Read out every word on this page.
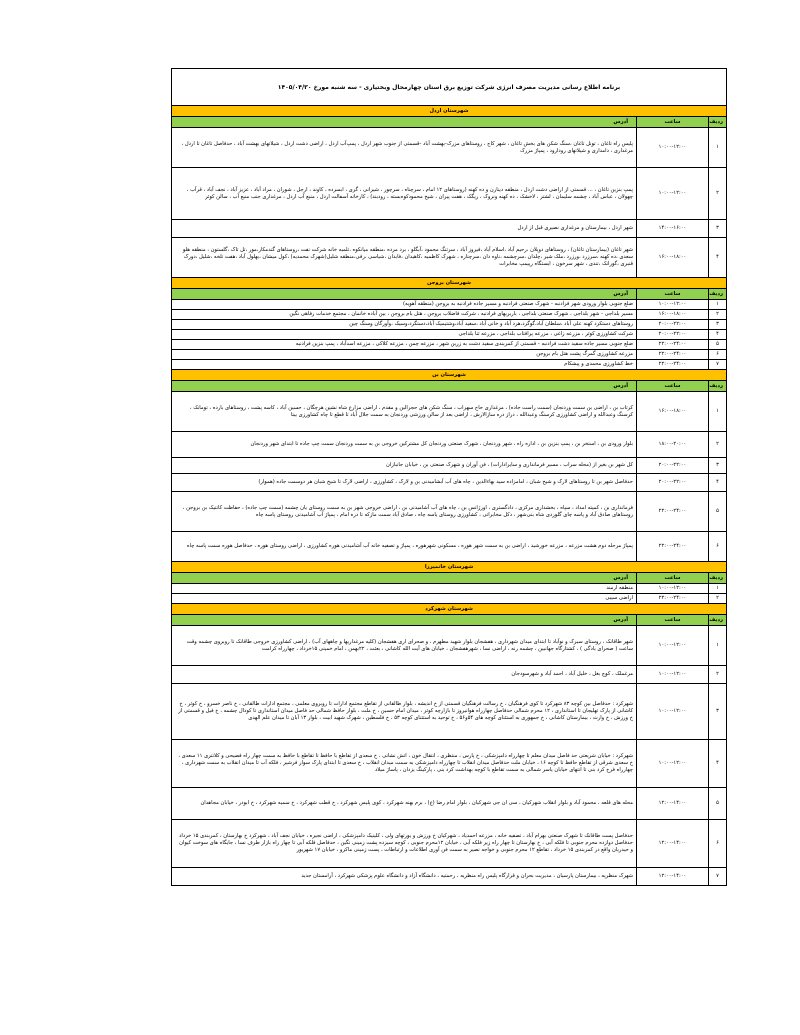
برنامه اطلاع رسانی مدیریت مصرف انرژی شرکت توزیع برق استان چهارمحال وبختیاری - سه شنبه مورخ ۱۴۰۵/۰۴/۳۰		
شهرستان اردل		
ردیف	ساعت	آدرس
۱	۱۰:۰۰-۱۲:۰۰	پلیس راه تاغان ، تونل تاغان ،سنگ شکن های بخش تاغان ، شهر کاج ، روستاهای مزرک-بهشت آباد -قسمتی از جنوب شهر اردل ، پمپ‌آب اردل ، اراضی دشت اردل ، شیلاتهای بهشت آباد ، حدفاصل تاغان تا اردل ، مرغداری ، دامداری و شیلاتهای رودارود ، پمپاژ مزرک
۲	۱۰:۰۰-۱۲:۰۰	پمپ بنزین تاغان ، ... قسمتی از اراضی دشت اردل ، منطقه دینارن و ده کهنه (روستاهای ۱۲ امام ، سرچناه ، سرچور ، شیرانی ، گری ، ابسرده ، کاوند ، ارجل ، شوران ، مراد آباد ، عزیز آباد ، نجف آباد ، قرآب ، چهولان ، عباس آباد ، چشمه سلیمان ، لشتر ، لاخشک ، ده کهنه ونروک ، ریگک ، هفت پیران ، شیخ محمودکوه‌بسته ، رودبند) ، کارخانه آسفالت اردل ، منبع آب اردل ، مرغداری جنب منبع آب ، سالن کوثر
۳	۱۴:۰۰-۱۶:۰۰	شهر اردل ، بیمارستان و مرغداری نصیری قبل از اردل
۴	۱۶:۰۰-۱۸:۰۰	شهر تاغان (بیمارستان تاغان) ، روستاهای دوپلان ،رحیم آباد ،اسلام آباد ،فیروز آباد ، سرتنگ محمود ،آبگلو ، برد مرده ،منطقه میانکوه ،تلمبه خانه شرکت نفت ،روستاهای گندمکار،مور ،تل تاک ،گلستون ، منطقه هلو سعدی ،ده کهنه ،سرزرد ،ورزرد ،ملک شیر ،چلدان ،سرچشمه ،ناوه دان ،سرچناره ، شهرک کاظمیه ،کاهیدان ،فابدان ،شیاسی ،رفی،منطقه شلیل(شهرک محمدیه) ،کول میشان ،بهلول آباد ،هفت تلخه ،شلیل ،دورک قنبری ،گورانک ،تندی ، شهر سرخون ، ایستگاه رپیمپ مخابرات
شهرستان بروجن		
ردیف	ساعت	آدرس
۱	۱۰:۰۰-۱۲:۰۰	ضلع جنوبی بلوار ورودی شهر فرادنبه - شهرک صنعتی فرادنبه و مسیر جاده فرادنبه به بروجن (منطقه آهویه)
۲	۱۶:۰۰-۱۸:۰۰	مسیر بلداجی - شهر بلداجی ، شهرک صنعتی بلداجی ، باربریهای فرادنبه ، شرکت فاضلاب بروجن ، هتل بام بروجن ، بین آباده خانمان ، مجتمع خدمات رفاهی نگین
۳	۲۰:۰۰-۲۲:۰۰	روستاهای دستکرد کهنه علی آباد ،سلطان آباد،گوگرد،هرد آباد و خانی آباد ،سفید آباد،وشتیمیک آباد،دستگرد،وسیک ،وآورگان وسنگ چین
۴	۲۰:۰۰-۲۲:۰۰	شرکت کشاورزی کوثر ، مزرعه زاغی ، مزرعه پرافتاب بلداجی ، مزرعه ثنا بلداجی
۵	۲۲:۰۰-۲۴:۰۰	ضلع جنوبی مسیر جاده سفید دشت فرادنبه - قسمتی از کمربندی سفید دشت به زرین شهر ، مزرعه چمن ، مزرعه کلاکی ، مزرعه اسدآباد ، پمپ بنزین فرادنبه
۶	۲۲:۰۰-۲۴:۰۰	مزرعه کشاورزی گمرگ پشت هتل بام بروجن
۷	۲۲:۰۰-۲۴:۰۰	خط کشاورزی محمدی و پیشکام
شهرستان بن		
ردیف	ساعت	آدرس
۱	۱۶:۰۰-۱۸:۰۰	کرتاب بن ، اراضی بن سمت وردنجان (سمت راست جاده) ، مرغداری حاج سهراب ، سنگ شکن های حجرالین و مقدم ، اراضی مزارع شاه نشین هرچگان ، حسین آباد ، کاسه پشت ، روستاهای بارده ، تومانک ، کرسنگ وعبدالله و اراضی کشاورزی کرسنگ وعبدالله ، دراز دره سازالارش ، اراضی بعد از سالن ورزشی وردنجان به سمت جلال آباد تا قطع تا چاه کشاورزی بیتا
۲	۱۸:۰۰-۲۰:۰۰	بلوار ورودی بن ، استخر بن ، پمپ بنزین بن ، اداره راه ، شهر وردنجان ، شهرک صنعتی وردنجان کل مشترکین خروجی بن به سمت وردنجان سمت چپ جاده تا ابتدای شهر وردنجان
۳	۲۰:۰۰-۲۲:۰۰	کل شهر بن بغیر از (محله سراب ، مسیر فرمانداری و سایرادارات) ، فن آوران و شهرک صنعتی بن ، خیابان جانبازان
۴	۲۰:۰۰-۲۲:۰۰	حدفاصل شهر بن تا روستاهای لارک و شیخ شبان ، امامزاده سید بهاءالدین ، چاه های آب آبشامیدنی بن و لارک ، کشاورزی ، اراضی لارک تا شیخ شبان هر دوسمت جاده (هموار)
۵	۲۲:۰۰-۲۴:۰۰	فرمانداری بن ، کمیته امداد ، سپاه ، بخشداری مرکزی ، دادگستری ، اورژانس بن ، چاه های آب آشامیدنی بن ، اراضی خروجی شهر بن به سمت روستای یان چشمه (سمت چپ جاده) ، حفاظت کانتیک بن بروجن ، روستاهای صادق آباد و پاسه چای گلوردی شاه بنی‌شهر ، دکل مخابراتی ، کشاورزی روستای یاسه چاه ، صادق آباد سمت مازکه تا دره امام ، پمپاژ آب آشامیدنی روستای پاسه چاه
۶	۲۲:۰۰-۲۴:۰۰	پمپاژ مرحله دوم هشت مزرعه ، مزرعه خورشید ، اراضی بن به سمت شهر هوره ، مسکونی شهرهوره ، پمپاژ و تصفیه خانه آب آشامیدنی هوره کشاورزی ، اراضی روستای هوره ، حدفاصل هوره سمت پاسه چاه
شهرستان خانمیرزا		
ردیف	ساعت	آدرس
۱	۱۰:۰۰-۱۲:۰۰	منطقه ارمند
۲	۲۲:۰۰-۲۴:۰۰	اراضی سیبی
شهرستان شهرکرد		
ردیف	ساعت	آدرس
۱	۱۰:۰۰-۱۲:۰۰	شهر طاقانک ، روستای سیرک و نوآباد تا ابتدای میدان شهرداری ، هفشجان بلوار شهید مطهرم ، و صحرای اری هفشجان (کلیه مرغداریها و چاههای آب) ، اراضی کشاورزی خروجی طاقانک تا روبروی چشمه وقت ساعت ( صحرای یادگی ) ، کشتارگاه جهانبین ، چشمه رنه ، اراضی نسا ، شهرهفشجان ، خیابان های آیت الله کاشانی ، بعثت ، ۲۲بهمن ، امام خمینی ۱۵خرداد ، چهارراه کرامت
۲	۱۰:۰۰-۱۲:۰۰	مرغملک ، کوچ بغل ، خلیل آباد ، احمد آباد و شهرسودجان
۳	۱۰:۰۰-۱۲:۰۰	شهرکرد : حدفاصل بین کوچه ۸۳ شهرکرد تا کوی فرهنگیان ، خ رسالت فرهنگیان قسمتی از خ اندیشه ، بلوار طالقانی از تقاطع مجتمع ادارات تا روبروی معلمی ، مجتمع ادارات طالقانی ، خ ناصر خسرو ، خ کوثر ، خ کاشانی از پارک تهلیجان تا استانداری ، ۱۲ محرم شمالی حدفاصل چهارراه هوانیروز تا بازارچه کوثر ، میدان امام حسین ، خ ملت ، بلوار حافظ شمالی حد فاصل میدان استانداری تا کودال چشمه ، خ فیل و قسمتی از خ ورزش ، خ وارث ، بیمارستان کاشانی ، خ جمهوری به استثنای کوچه های ۵۴و۵۶ ، خ توحید به استثنای کوچه ۵۳ ، خ فلسطین ، شهرک شهید ابیت ، بلوار ۱۳ آبان تا میدان علم الهدی
۴	۱۰:۰۰-۱۲:۰۰	شهرکرد : خیابان شریعتی حد فاصل میدان معلم تا چهارراه دامپزشکی ، خ پارس ، منتظری ، انتقال خون ، اتش نشانی ، خ سعدی از تقاطع با حافظ تا تقاطع با حافظ به سمت چهار راه فصیحی و کلانتری ۱۱ سعدی ، خ سعدی شرقی از تقاطع حافظ تا کوچه ۱۶ ، خیابان ملت حدفاصل میدان انقلاب تا چهارراه دامپزشکی به سمت میدان انقلاب ، خ سعدی تا ابتدای پارک سوار فرشیر ، فلکه آب تا میدان انقلاب به سمت شهرداری ، چهارراه فرخ کرد بنی تا انتهای خیابان یاسر شمالی به سمت تقاطع با کوچه بهداشت کرد بنی ، پارکینگ یزدان ، پاساژ میلاد
۵	۱۲:۰۰-۱۴:۰۰	محله های قلعه ، محمود آباد و بلوار انقلاب شهرکیان ، سی ان جی شهرکیان ، بلوار امام رضا (ع) ، برم بهنه شهرکرد ، کوی پلیس شهرکرد ، خ قطب شهرکرد ، خ سمیه شهرکرد ، خ ابوذر ، خیابان مجاهدان
۶	۱۲:۰۰-۱۴:۰۰	حدفاصل پست طاقانک تا شهرک صنعتی بهرام آباد ، تصفیه خانه ، مزرعه احمدیاد ، شهرکیان خ ورزش و یورتهای ولی ، کلینیک دامپزشکی ، اراضی نجیره ، خیابان نجف آباد ، شهرکرد خ بهارستان ، کمربندی ۱۵ خرداد حدفاصل دوازده محرم جنوبی تا فلکه آبی ، خ بهارستان تا چهار راه زیر فلکه آبی ، خیابان ۱۲محرم جنوبی ، کوچه سیزده پشت زمینی نگین ، حدفاصل فلکه آبی تا چهار راه بازار طرف نسا ، جایگاه های سوخت کیوان و حیدریان واقع در کمربندی ۱۵ خرداد ، تقاطع ۱۲ محرم جنوبی و خواجه نصیر به سمت فن آوری اطلاعات و ارتباطات ، پست زمینی ماکرو ، خیابان ۱۷ شهریور
۷	۱۲:۰۰-۱۴:۰۰	شهرک منظریه ، بیمارستان پارسیان ، مدیریت بحران و قرارگاه پلیس راه منظریه ، رحمتیه ، دانشگاه آزاد و دانشگاه علوم پزشکی شهرکرد ، آرامستان جدید
